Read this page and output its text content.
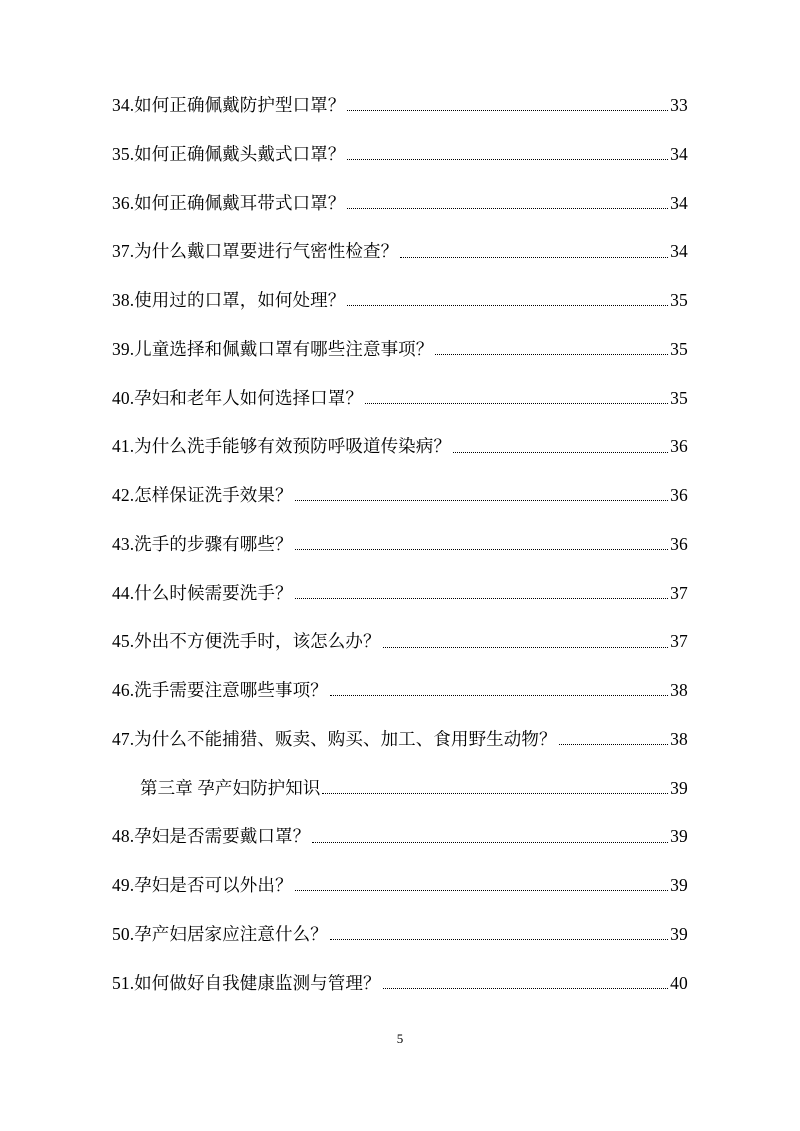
34.如何正确佩戴防护型口罩？	33
35.如何正确佩戴头戴式口罩？	34
36.如何正确佩戴耳带式口罩？	34
37.为什么戴口罩要进行气密性检查？	34
38.使用过的口罩，如何处理？	35
39.儿童选择和佩戴口罩有哪些注意事项？	35
40.孕妇和老年人如何选择口罩？	35
41.为什么洗手能够有效预防呼吸道传染病？	36
42.怎样保证洗手效果？	36
43.洗手的步骤有哪些？	36
44.什么时候需要洗手？	37
45.外出不方便洗手时，该怎么办？	37
46.洗手需要注意哪些事项？	38
47.为什么不能捕猎、贩卖、购买、加工、食用野生动物？	38
第三章 孕产妇防护知识	39
48.孕妇是否需要戴口罩？	39
49.孕妇是否可以外出？	39
50.孕产妇居家应注意什么？	39
51.如何做好自我健康监测与管理？	40
5
